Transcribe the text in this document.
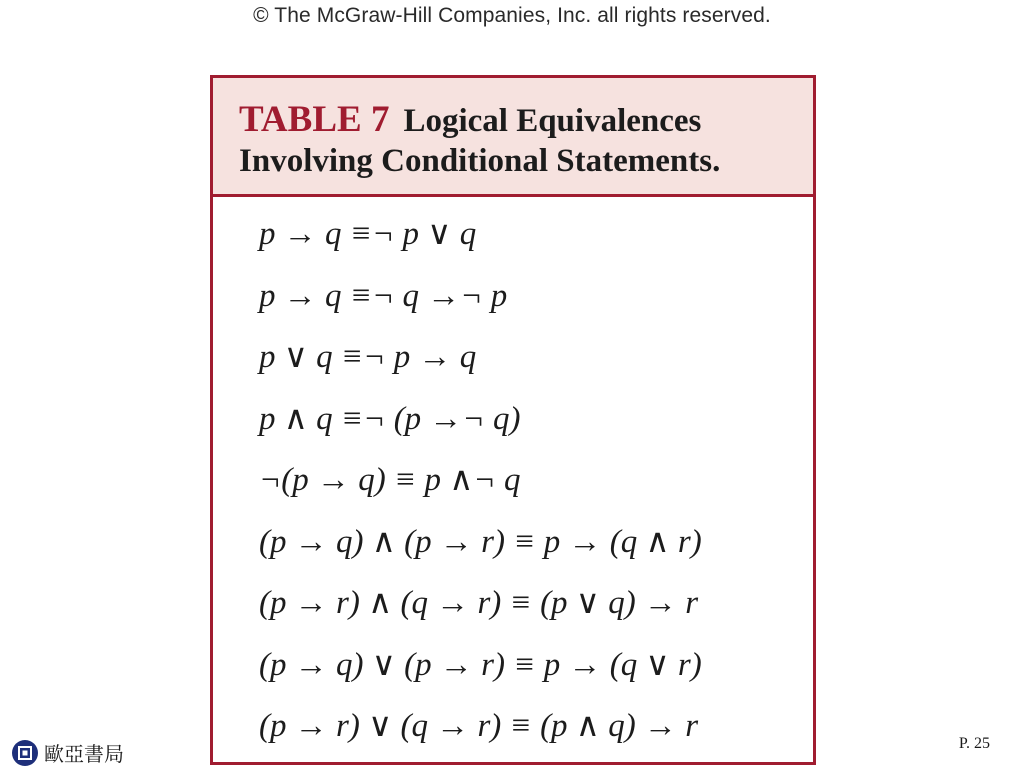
© The McGraw-Hill Companies, Inc. all rights reserved.
TABLE 7 Logical Equivalences
Involving Conditional Statements.
p → q ≡¬ p ∨ q
p → q ≡¬ q →¬ p
p ∨ q ≡¬ p → q
p ∧ q ≡¬ (p →¬ q)
¬(p → q) ≡ p ∧¬ q
(p → q) ∧ (p → r) ≡ p → (q ∧ r)
(p → r) ∧ (q → r) ≡ (p ∨ q) → r
(p → q) ∨ (p → r) ≡ p → (q ∨ r)
(p → r) ∨ (q → r) ≡ (p ∧ q) → r
歐亞書局	P. 25
